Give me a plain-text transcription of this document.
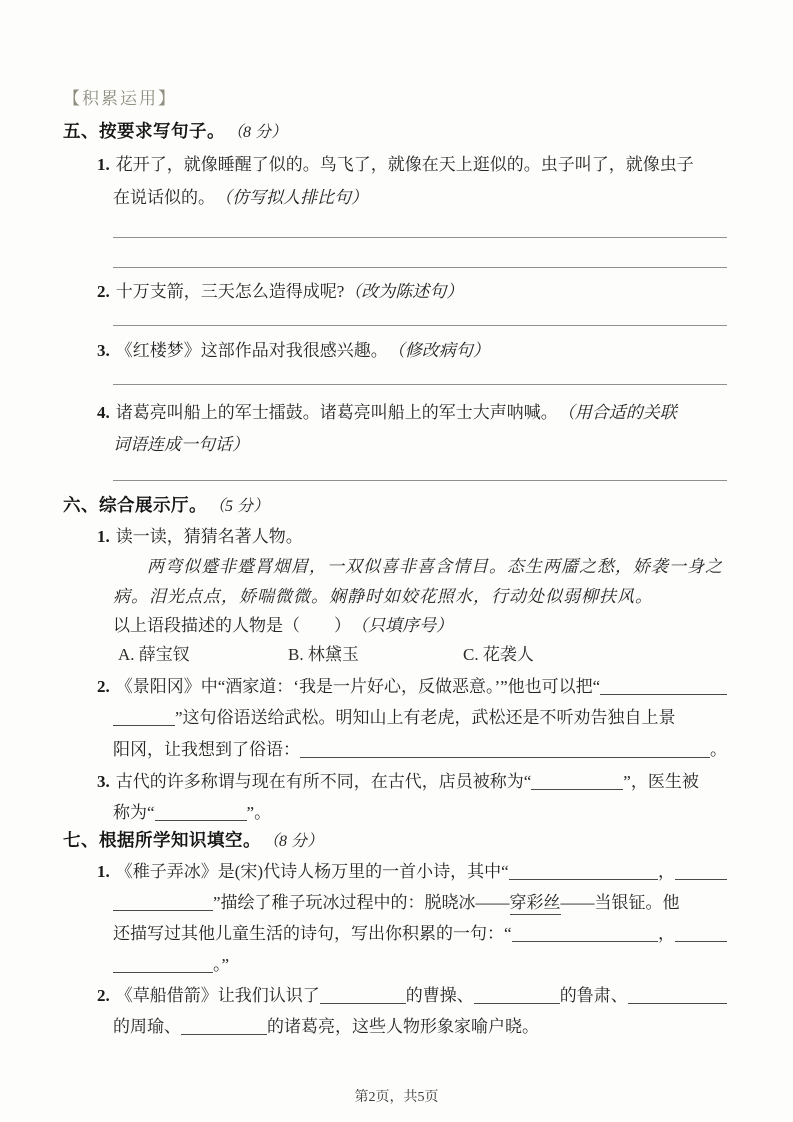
【积累运用】
五、按要求写句子。 （8 分）
1. 花开了，就像睡醒了似的。鸟飞了，就像在天上逛似的。虫子叫了，就像虫子
在说话似的。 （仿写拟人排比句）
2. 十万支箭，三天怎么造得成呢? （改为陈述句）
3. 《红楼梦》这部作品对我很感兴趣。 （修改病句）
4. 诸葛亮叫船上的军士擂鼓。诸葛亮叫船上的军士大声呐喊。 （用合适的关联
词语连成一句话）
六、综合展示厅。 （5 分）
1. 读一读，猜猜名著人物。
两弯似蹙非蹙罥烟眉，一双似喜非喜含情目。态生两靥之愁，娇袭一身之
病。泪光点点，娇喘微微。娴静时如姣花照水，行动处似弱柳扶风。
以上语段描述的人物是（　　） （只填序号）
A. 薛宝钗	B. 林黛玉	C. 花袭人
2. 《景阳冈》中“酒家道：‘我是一片好心，反做恶意。’”他也可以把“
”这句俗语送给武松。明知山上有老虎，武松还是不听劝告独自上景
阳冈，让我想到了俗语：	。
3. 古代的许多称谓与现在有所不同，在古代，店员被称为“	”，医生被
称为“	”。
七、根据所学知识填空。 （8 分）
1. 《稚子弄冰》是(宋)代诗人杨万里的一首小诗，其中“	，
”描绘了稚子玩冰过程中的：脱晓冰—— 穿彩丝 ——当银钲。他
还描写过其他儿童生活的诗句，写出你积累的一句：“	，
。”
2. 《草船借箭》让我们认识了	的曹操、	的鲁肃、
的周瑜、	的诸葛亮，这些人物形象家喻户晓。
第2页，共5页
